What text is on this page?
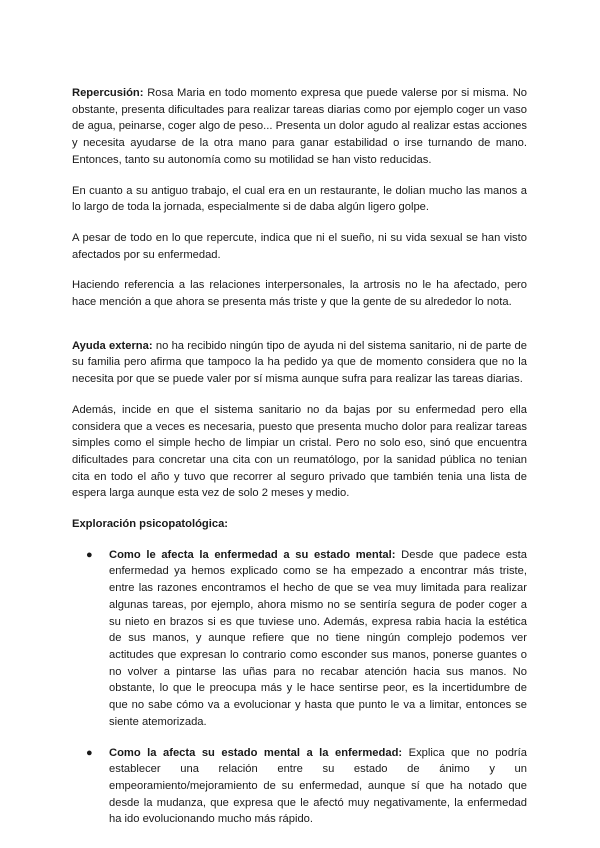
Repercusión: Rosa Maria en todo momento expresa que puede valerse por si misma. No obstante, presenta dificultades para realizar tareas diarias como por ejemplo coger un vaso de agua, peinarse, coger algo de peso... Presenta un dolor agudo al realizar estas acciones y necesita ayudarse de la otra mano para ganar estabilidad o irse turnando de mano. Entonces, tanto su autonomía como su motilidad se han visto reducidas.

En cuanto a su antiguo trabajo, el cual era en un restaurante, le dolian mucho las manos a lo largo de toda la jornada, especialmente si de daba algún ligero golpe.

A pesar de todo en lo que repercute, indica que ni el sueño, ni su vida sexual se han visto afectados por su enfermedad.

Haciendo referencia a las relaciones interpersonales, la artrosis no le ha afectado, pero hace mención a que ahora se presenta más triste y que la gente de su alrededor lo nota.

Ayuda externa: no ha recibido ningún tipo de ayuda ni del sistema sanitario, ni de parte de su familia pero afirma que tampoco la ha pedido ya que de momento considera que no la necesita por que se puede valer por sí misma aunque sufra para realizar las tareas diarias.

Además, incide en que el sistema sanitario no da bajas por su enfermedad pero ella considera que a veces es necesaria, puesto que presenta mucho dolor para realizar tareas simples como el simple hecho de limpiar un cristal. Pero no solo eso, sinó que encuentra dificultades para concretar una cita con un reumatólogo, por la sanidad pública no tenian cita en todo el año y tuvo que recorrer al seguro privado que también tenia una lista de espera larga aunque esta vez de solo 2 meses y medio.

Exploración psicopatológica:
● Como le afecta la enfermedad a su estado mental: Desde que padece esta enfermedad ya hemos explicado como se ha empezado a encontrar más triste, entre las razones encontramos el hecho de que se vea muy limitada para realizar algunas tareas, por ejemplo, ahora mismo no se sentiría segura de poder coger a su nieto en brazos si es que tuviese uno. Además, expresa rabia hacia la estética de sus manos, y aunque refiere que no tiene ningún complejo podemos ver actitudes que expresan lo contrario como esconder sus manos, ponerse guantes o no volver a pintarse las uñas para no recabar atención hacia sus manos. No obstante, lo que le preocupa más y le hace sentirse peor, es la incertidumbre de que no sabe cómo va a evolucionar y hasta que punto le va a limitar, entonces se siente atemorizada.
● Como la afecta su estado mental a la enfermedad: Explica que no podría establecer una relación entre su estado de ánimo y un empeoramiento/mejoramiento de su enfermedad, aunque sí que ha notado que desde la mudanza, que expresa que le afectó muy negativamente, la enfermedad ha ido evolucionando mucho más rápido.
